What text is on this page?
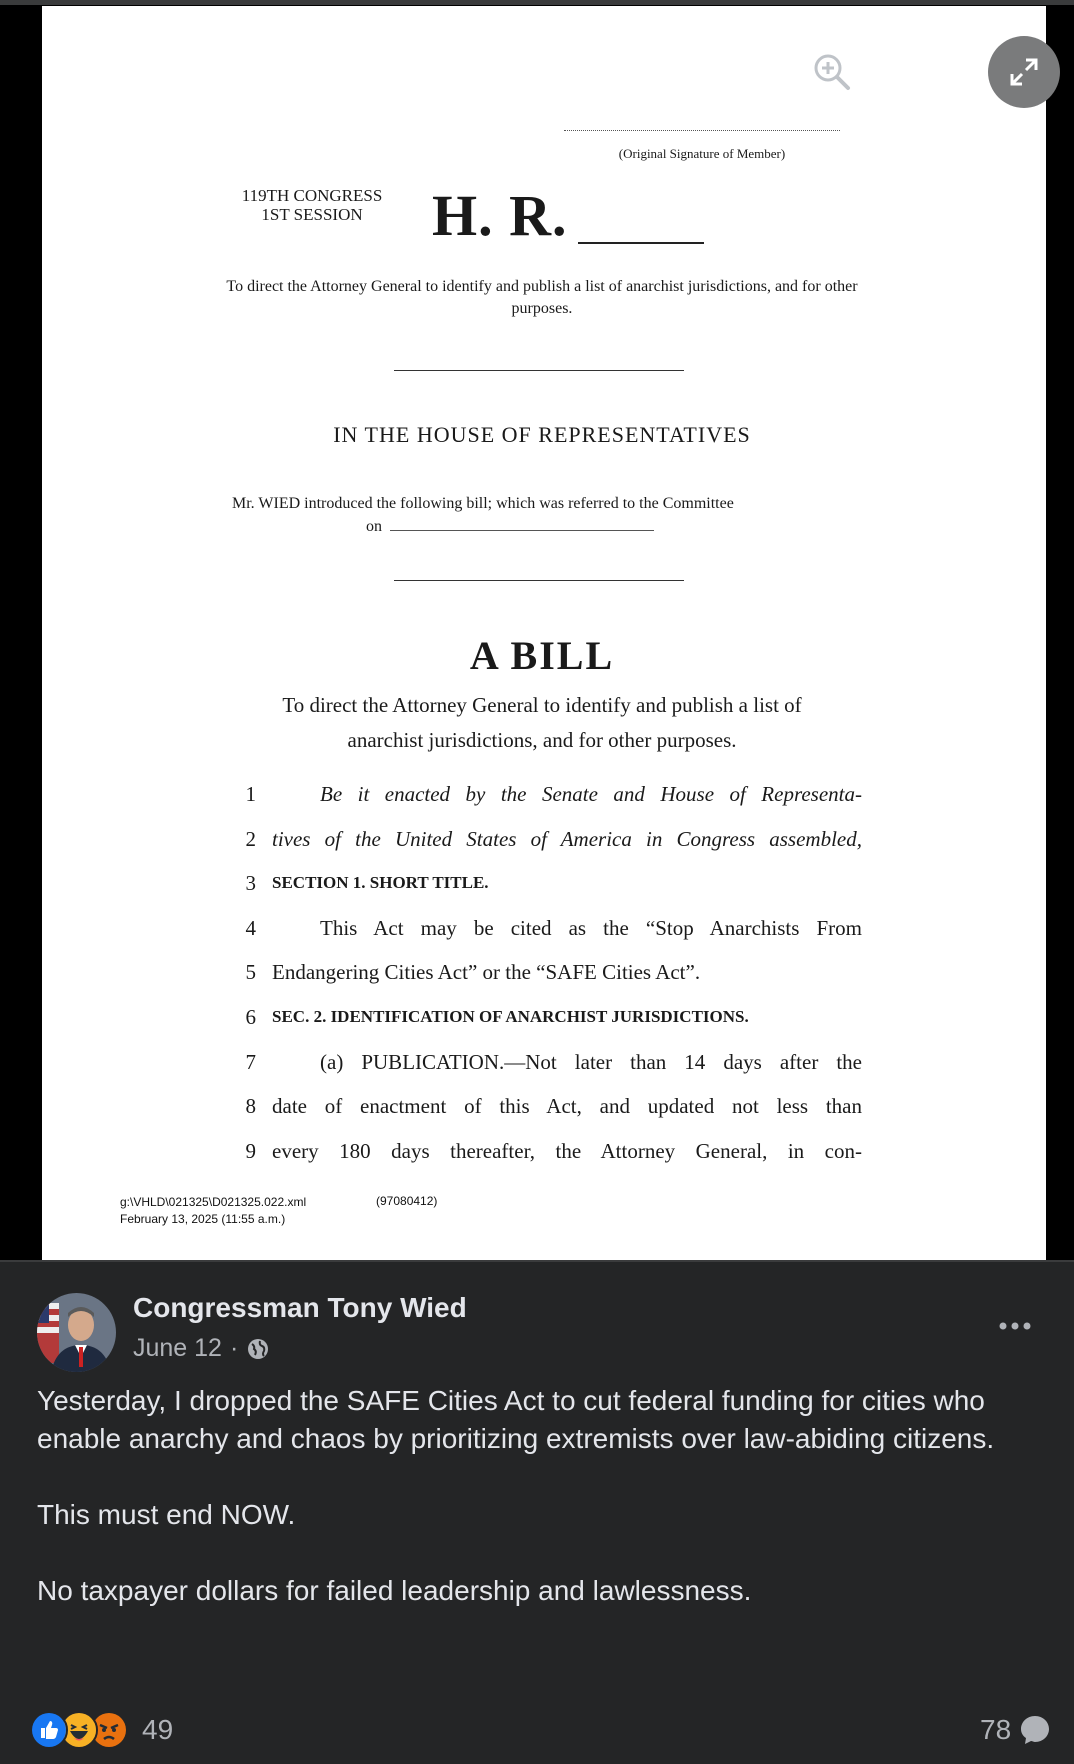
(Original Signature of Member)
119TH CONGRESS
1ST SESSION	H. R.
To direct the Attorney General to identify and publish a list of anarchist jurisdictions, and for other purposes.
IN THE HOUSE OF REPRESENTATIVES
Mr. WIED introduced the following bill; which was referred to the Committee
on
A BILL
To direct the Attorney General to identify and publish a list of anarchist jurisdictions, and for other purposes.
1	Be it enacted by the Senate and House of Representa-
2 tives of the United States of America in Congress assembled,
3 SECTION 1. SHORT TITLE.
4	This Act may be cited as the “Stop Anarchists From
5 Endangering Cities Act” or the “SAFE Cities Act”.
6 SEC. 2. IDENTIFICATION OF ANARCHIST JURISDICTIONS.
7	(a) PUBLICATION.—Not later than 14 days after the
8 date of enactment of this Act, and updated not less than
9 every 180 days thereafter, the Attorney General, in con-
g:\VHLD\021325\D021325.022.xml
February 13, 2025 (11:55 a.m.)
(97080412)
Congressman Tony Wied
June 12 ·

Yesterday, I dropped the SAFE Cities Act to cut federal funding for cities who enable anarchy and chaos by prioritizing extremists over law-abiding citizens.

This must end NOW.

No taxpayer dollars for failed leadership and lawlessness.

49	78
